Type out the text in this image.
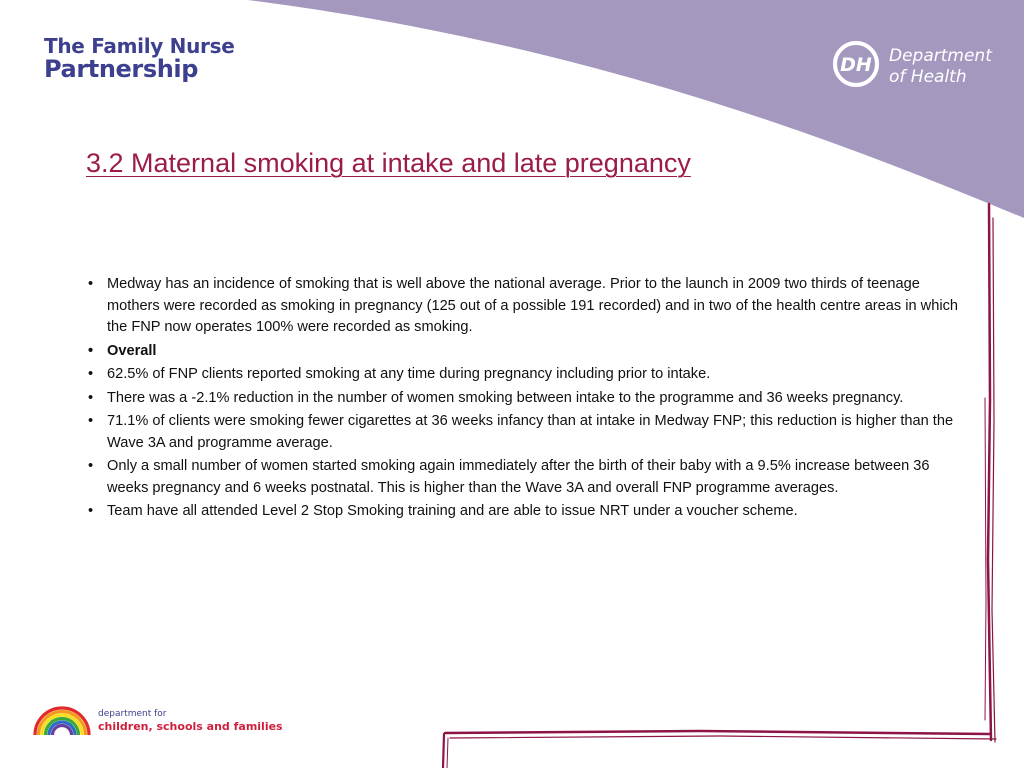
The Family Nurse
Partnership	DH Department
of Health
3.2 Maternal smoking at intake and late pregnancy
• Medway has an incidence of smoking that is well above the national average. Prior to the launch in 2009 two thirds of teenage mothers were recorded as smoking in pregnancy (125 out of a possible 191 recorded) and in two of the health centre areas in which the FNP now operates 100% were recorded as smoking.
• Overall
• 62.5% of FNP clients reported smoking at any time during pregnancy including prior to intake.
• There was a -2.1% reduction in the number of women smoking between intake to the programme and 36 weeks pregnancy.
• 71.1% of clients were smoking fewer cigarettes at 36 weeks infancy than at intake in Medway FNP; this reduction is higher than the Wave 3A and programme average.
• Only a small number of women started smoking again immediately after the birth of their baby with a 9.5% increase between 36 weeks pregnancy and 6 weeks postnatal. This is higher than the Wave 3A and overall FNP programme averages.
• Team have all attended Level 2 Stop Smoking training and are able to issue NRT under a voucher scheme.
department for
children, schools and families
